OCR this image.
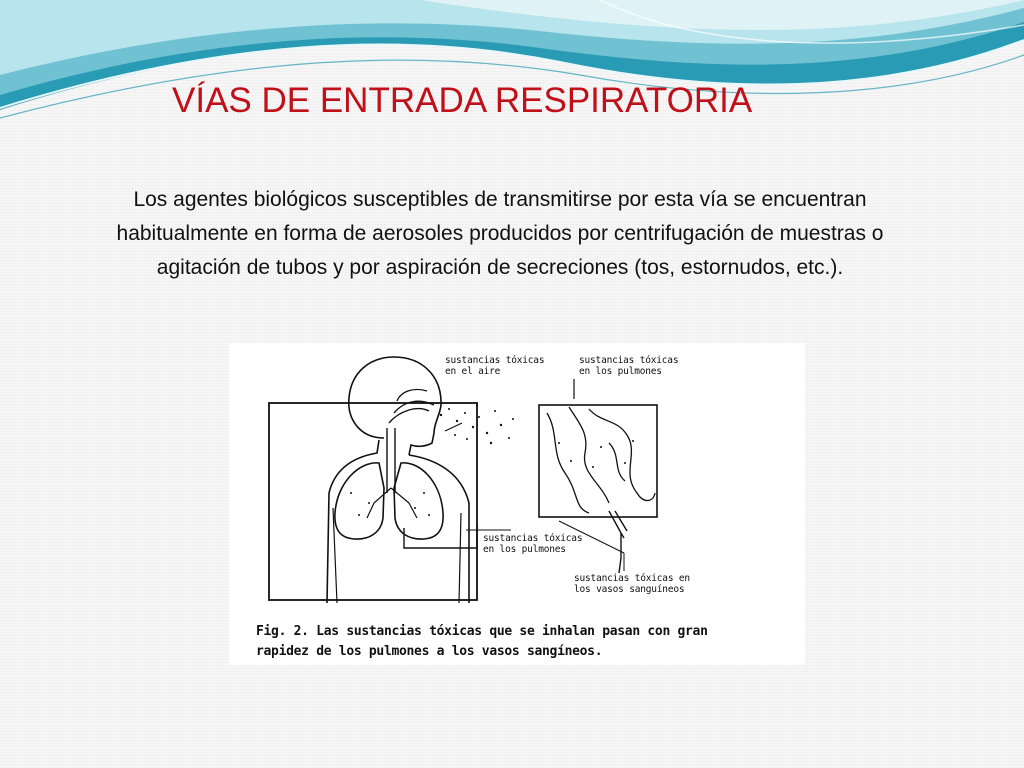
VÍAS DE ENTRADA RESPIRATORIA

Los agentes biológicos susceptibles de transmitirse por esta vía se encuentran habitualmente en forma de aerosoles producidos por centrifugación de muestras o agitación de tubos y por aspiración de secreciones (tos, estornudos, etc.).

sustancias tóxicas
en el aire
sustancias tóxicas
en los pulmones
sustancias tóxicas
en los pulmones
sustancias tóxicas en
los vasos sanguíneos
Fig. 2. Las sustancias tóxicas que se inhalan pasan con gran
rapidez de los pulmones a los vasos sangíneos.
